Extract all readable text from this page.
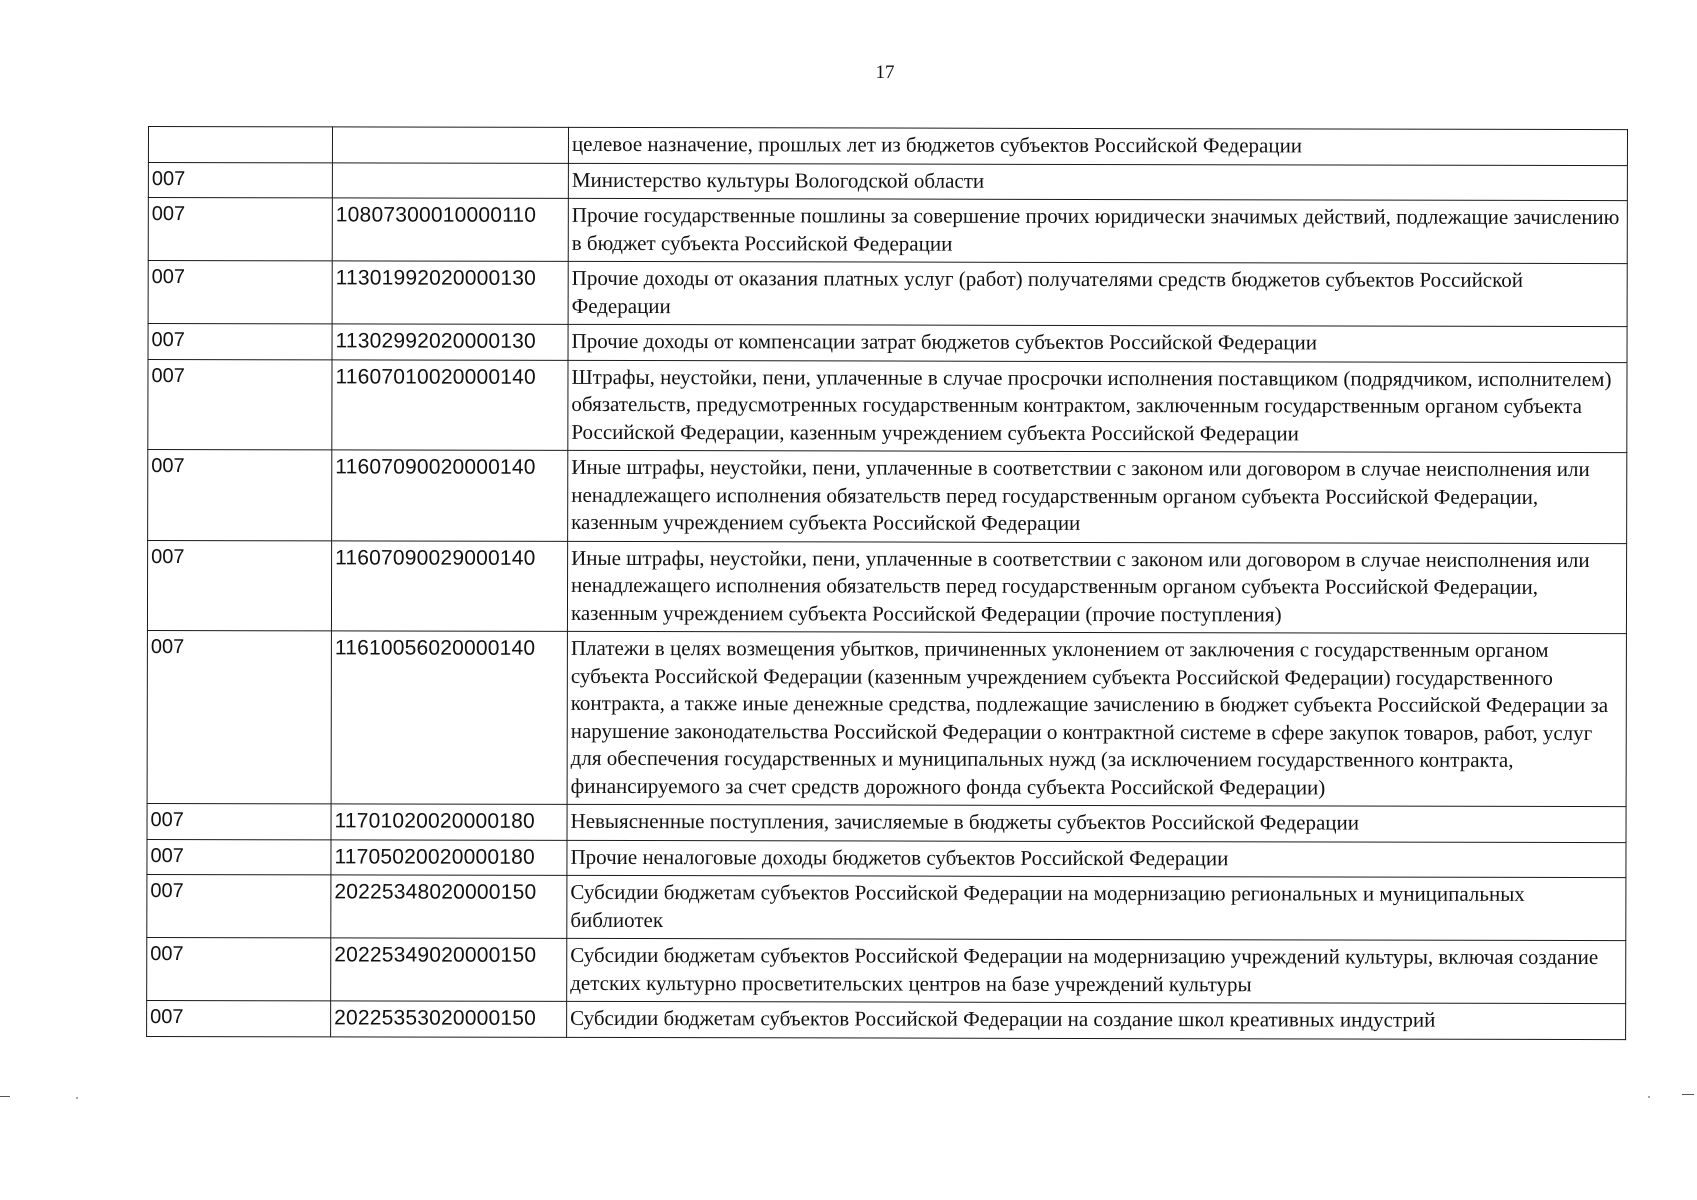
17
		целевое назначение, прошлых лет из бюджетов субъектов Российской Федерации
007		Министерство культуры Вологодской области
007	10807300010000110	Прочие государственные пошлины за совершение прочих юридически значимых действий, подлежащие зачислению в бюджет субъекта Российской Федерации
007	11301992020000130	Прочие доходы от оказания платных услуг (работ) получателями средств бюджетов субъектов Российской Федерации
007	11302992020000130	Прочие доходы от компенсации затрат бюджетов субъектов Российской Федерации
007	11607010020000140	Штрафы, неустойки, пени, уплаченные в случае просрочки исполнения поставщиком (подрядчиком, исполнителем) обязательств, предусмотренных государственным контрактом, заключенным государственным органом субъекта Российской Федерации, казенным учреждением субъекта Российской Федерации
007	11607090020000140	Иные штрафы, неустойки, пени, уплаченные в соответствии с законом или договором в случае неисполнения или ненадлежащего исполнения обязательств перед государственным органом субъекта Российской Федерации, казенным учреждением субъекта Российской Федерации
007	11607090029000140	Иные штрафы, неустойки, пени, уплаченные в соответствии с законом или договором в случае неисполнения или ненадлежащего исполнения обязательств перед государственным органом субъекта Российской Федерации, казенным учреждением субъекта Российской Федерации (прочие поступления)
007	11610056020000140	Платежи в целях возмещения убытков, причиненных уклонением от заключения с государственным органом субъекта Российской Федерации (казенным учреждением субъекта Российской Федерации) государственного контракта, а также иные денежные средства, подлежащие зачислению в бюджет субъекта Российской Федерации за нарушение законодательства Российской Федерации о контрактной системе в сфере закупок товаров, работ, услуг для обеспечения государственных и муниципальных нужд (за исключением государственного контракта, финансируемого за счет средств дорожного фонда субъекта Российской Федерации)
007	11701020020000180	Невыясненные поступления, зачисляемые в бюджеты субъектов Российской Федерации
007	11705020020000180	Прочие неналоговые доходы бюджетов субъектов Российской Федерации
007	20225348020000150	Субсидии бюджетам субъектов Российской Федерации на модернизацию региональных и муниципальных библиотек
007	20225349020000150	Субсидии бюджетам субъектов Российской Федерации на модернизацию учреждений культуры, включая создание детских культурно просветительских центров на базе учреждений культуры
007	20225353020000150	Субсидии бюджетам субъектов Российской Федерации на создание школ креативных индустрий
